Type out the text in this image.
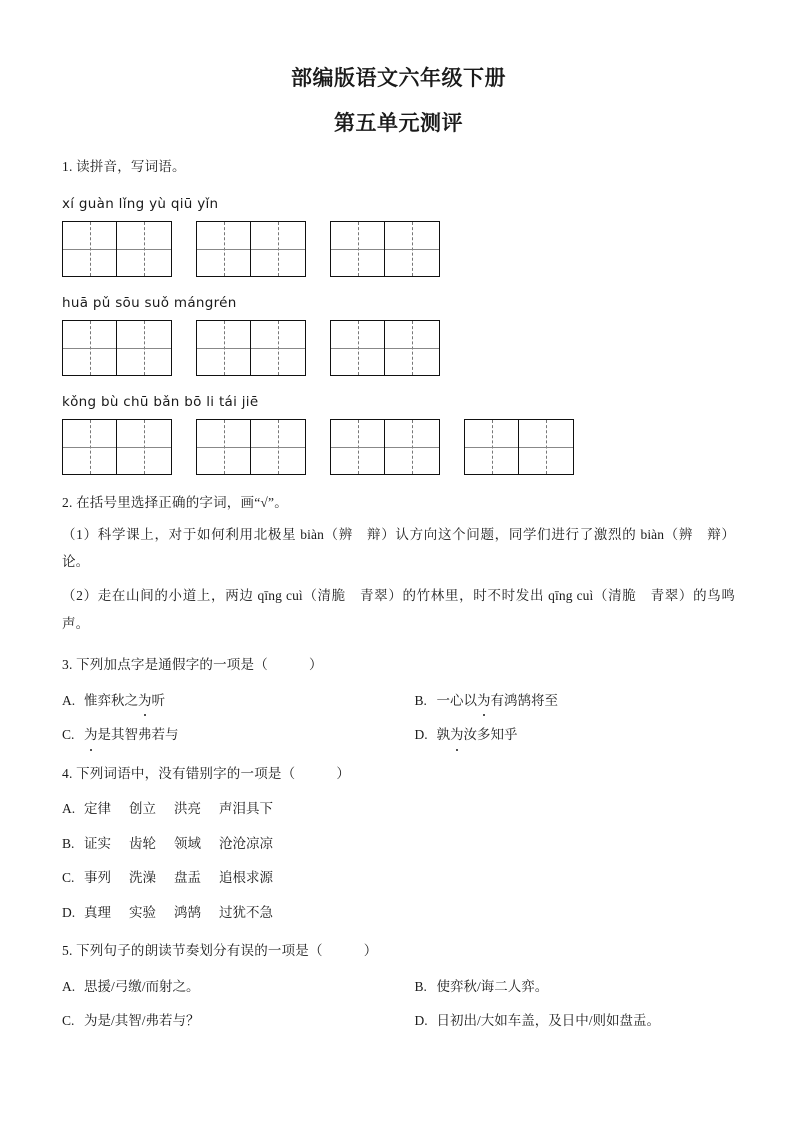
部编版语文六年级下册
第五单元测评
1. 读拼音，写词语。
xí guàn lǐng yù qiū yǐn
huā pǔ sōu suǒ mángrén
kǒng bù chū bǎn bō li tái jiē
2. 在括号里选择正确的字词，画“√”。
（1）科学课上，对于如何利用北极星 biàn（辨　辩）认方向这个问题，同学们进行了激烈的 biàn（辨　辩）论。
（2）走在山间的小道上，两边 qīng cuì（清脆　青翠）的竹林里，时不时发出 qīng cuì（清脆　青翠）的鸟鸣声。
3. 下列加点字是通假字的一项是（　　　）
A. 惟弈秋之为听	B. 一心以为有鸿鹄将至
C. 为是其智弗若与	D. 孰为汝多知乎
4. 下列词语中，没有错别字的一项是（　　　）
A. 定律 创立 洪亮 声泪具下
B. 证实 齿轮 领域 沧沧凉凉
C. 事列 洗澡 盘盂 追根求源
D. 真理 实验 鸿鹄 过犹不急
5. 下列句子的朗读节奏划分有误的一项是（　　　）
A. 思援/弓缴/而射之。	B. 使弈秋/诲二人弈。
C. 为是/其智/弗若与？	D. 日初出/大如车盖，及日中/则如盘盂。
